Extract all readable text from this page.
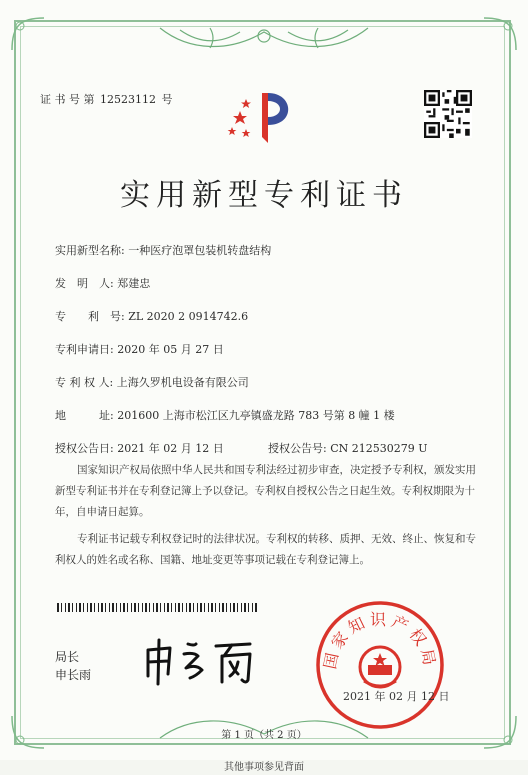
证 书 号 第 12523112 号
实用新型专利证书
实用新型名称: 一种医疗泡罩包装机转盘结构
发　明　人: 郑建忠
专　　利　号: ZL 2020 2 0914742.6
专利申请日: 2020 年 05 月 27 日
专 利 权 人: 上海久罗机电设备有限公司
地　　　址: 201600 上海市松江区九亭镇盛龙路 783 号第 8 幢 1 楼
授权公告日: 2021 年 02 月 12 日	授权公告号: CN 212530279 U
国家知识产权局依照中华人民共和国专利法经过初步审查，决定授予专利权，颁发实用新型专利证书并在专利登记簿上予以登记。专利权自授权公告之日起生效。专利权期限为十年，自申请日起算。
专利证书记载专利权登记时的法律状况。专利权的转移、质押、无效、终止、恢复和专利权人的姓名或名称、国籍、地址变更等事项记载在专利登记簿上。
局长
申长雨
国家知识产权局
2021 年 02 月 12 日
第 1 页（共 2 页）
其他事项参见背面
